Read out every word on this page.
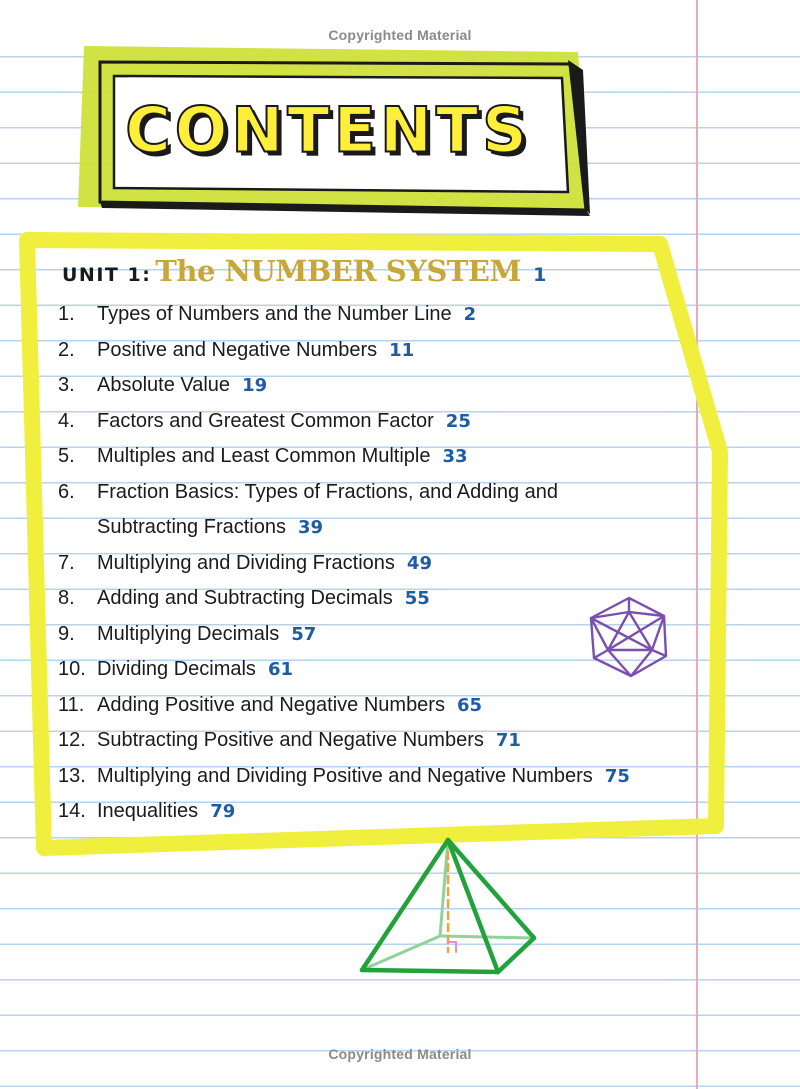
Copyrighted Material
CONTENTS
UNIT 1: The NUMBER SYSTEM 1
1. Types of Numbers and the Number Line 2
2. Positive and Negative Numbers 11
3. Absolute Value 19
4. Factors and Greatest Common Factor 25
5. Multiples and Least Common Multiple 33
6. Fraction Basics: Types of Fractions, and Adding and
Subtracting Fractions 39
7. Multiplying and Dividing Fractions 49
8. Adding and Subtracting Decimals 55
9. Multiplying Decimals 57
10. Dividing Decimals 61
11. Adding Positive and Negative Numbers 65
12. Subtracting Positive and Negative Numbers 71
13. Multiplying and Dividing Positive and Negative Numbers 75
14. Inequalities 79
Copyrighted Material
